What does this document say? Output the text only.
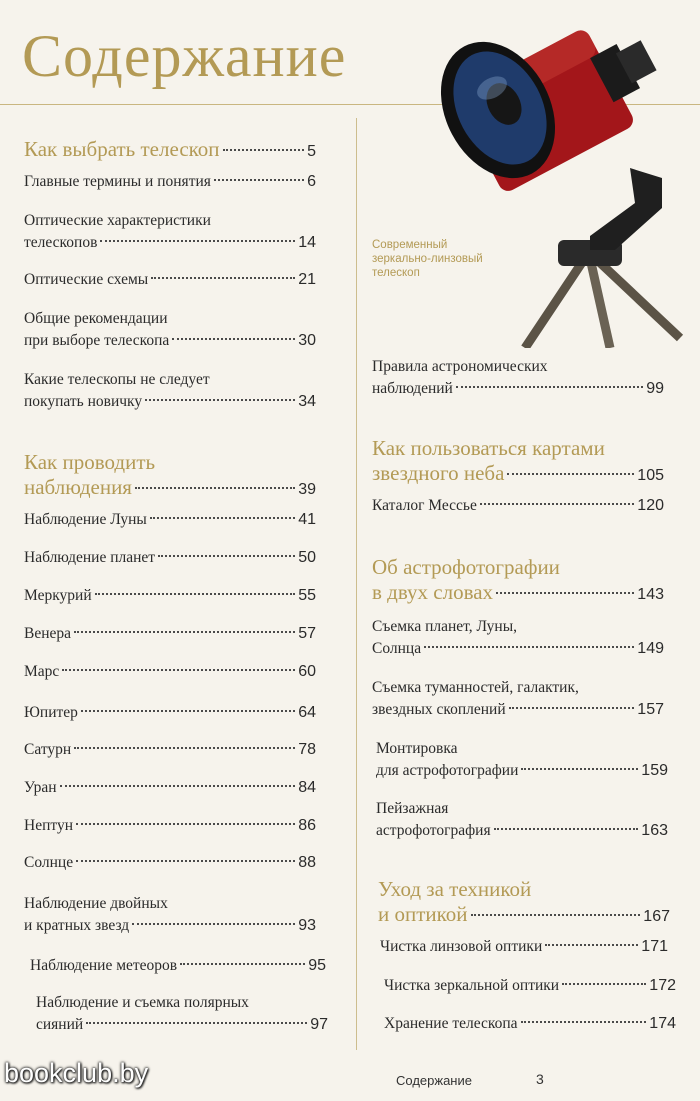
Содержание
Современный
зеркально-линзовый
телескоп
Как выбрать телескоп	5
Главные термины и понятия	6
Оптические характеристики
телескопов	14
Оптические схемы	21
Общие рекомендации
при выборе телескопа	30
Какие телескопы не следует
покупать новичку	34
Как проводить
наблюдения	39
Наблюдение Луны	41
Наблюдение планет	50
Меркурий	55
Венера	57
Марс	60
Юпитер	64
Сатурн	78
Уран	84
Нептун	86
Солнце	88
Наблюдение двойных
и кратных звезд	93
Наблюдение метеоров	95
Наблюдение и съемка полярных
сияний	97
Правила астрономических
наблюдений	99
Как пользоваться картами
звездного неба	105
Каталог Мессье	120
Об астрофотографии
в двух словах	143
Съемка планет, Луны,
Солнца	149
Съемка туманностей, галактик,
звездных скоплений	157
Монтировка
для астрофотографии	159
Пейзажная
астрофотография	163
Уход за техникой
и оптикой	167
Чистка линзовой оптики	171
Чистка зеркальной оптики	172
Хранение телескопа	174
Содержание	3
bookclub.by
